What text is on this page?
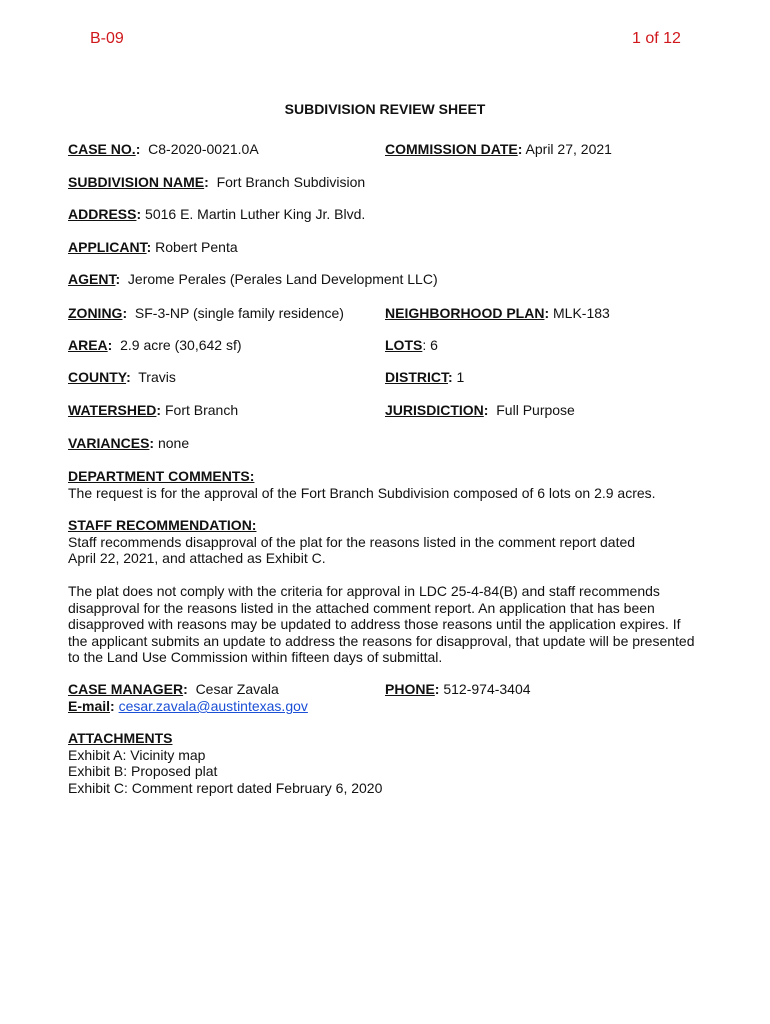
B-09	1 of 12
SUBDIVISION REVIEW SHEET
CASE NO.:  C8-2020-0021.0A	COMMISSION DATE: April 27, 2021
SUBDIVISION NAME:  Fort Branch Subdivision
ADDRESS: 5016 E. Martin Luther King Jr. Blvd.
APPLICANT: Robert Penta
AGENT:  Jerome Perales (Perales Land Development LLC)
ZONING:  SF-3-NP (single family residence)	NEIGHBORHOOD PLAN: MLK-183
AREA:  2.9 acre (30,642 sf)	LOTS: 6
COUNTY:  Travis	DISTRICT: 1
WATERSHED: Fort Branch	JURISDICTION:  Full Purpose
VARIANCES: none
DEPARTMENT COMMENTS:
The request is for the approval of the Fort Branch Subdivision composed of 6 lots on 2.9 acres.
STAFF RECOMMENDATION:
Staff recommends disapproval of the plat for the reasons listed in the comment report dated
April 22, 2021, and attached as Exhibit C.
The plat does not comply with the criteria for approval in LDC 25-4-84(B) and staff recommends
disapproval for the reasons listed in the attached comment report. An application that has been
disapproved with reasons may be updated to address those reasons until the application expires. If
the applicant submits an update to address the reasons for disapproval, that update will be presented
to the Land Use Commission within fifteen days of submittal.
CASE MANAGER:  Cesar Zavala	PHONE: 512-974-3404
E-mail: cesar.zavala@austintexas.gov
ATTACHMENTS
Exhibit A: Vicinity map
Exhibit B: Proposed plat
Exhibit C: Comment report dated February 6, 2020
